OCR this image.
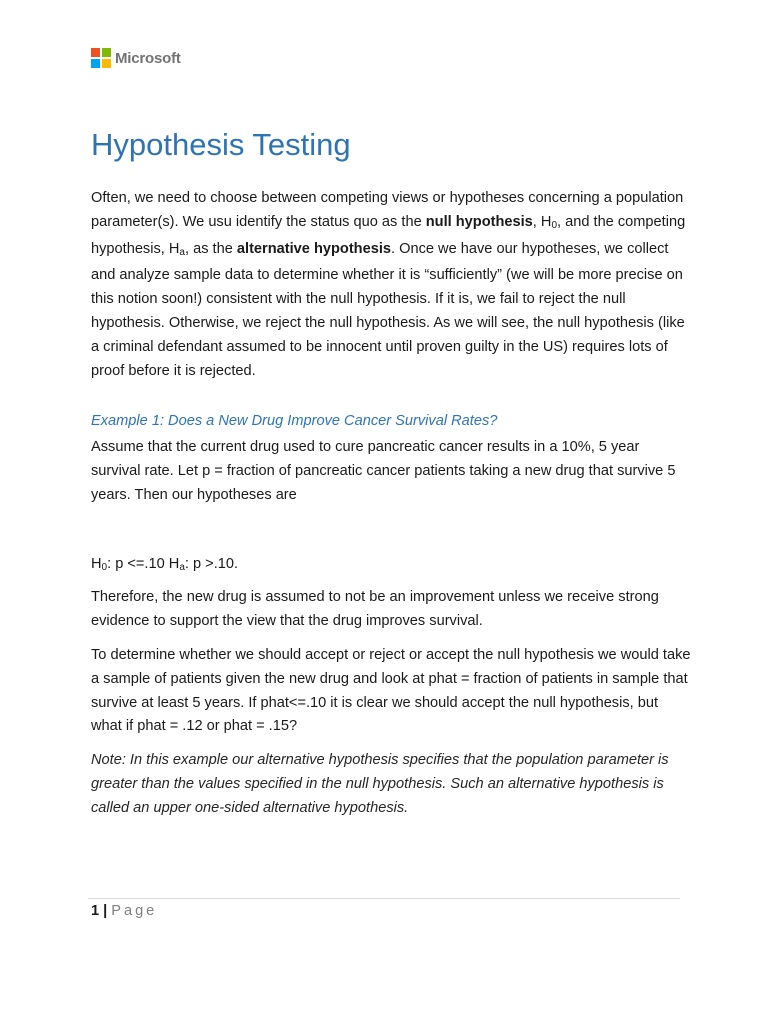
Microsoft
Hypothesis Testing

Often, we need to choose between competing views or hypotheses concerning a population parameter(s). We usu identify the status quo as the null hypothesis, $H_0$, and the competing hypothesis, $H_a$, as the alternative hypothesis. Once we have our hypotheses, we collect and analyze sample data to determine whether it is “sufficiently” (we will be more precise on this notion soon!) consistent with the null hypothesis. If it is, we fail to reject the null hypothesis. Otherwise, we reject the null hypothesis. As we will see, the null hypothesis (like a criminal defendant assumed to be innocent until proven guilty in the US) requires lots of proof before it is rejected.

Example 1: Does a New Drug Improve Cancer Survival Rates?

Assume that the current drug used to cure pancreatic cancer results in a 10%, 5 year survival rate. Let p = fraction of pancreatic cancer patients taking a new drug that survive 5 years. Then our hypotheses are

$H_0$: p <=.10 $H_a$: p >.10.

Therefore, the new drug is assumed to not be an improvement unless we receive strong evidence to support the view that the drug improves survival.

To determine whether we should accept or reject or accept the null hypothesis we would take a sample of patients given the new drug and look at phat = fraction of patients in sample that survive at least 5 years. If phat<=.10 it is clear we should accept the null hypothesis, but what if phat = .12 or phat = .15?

Note: In this example our alternative hypothesis specifies that the population parameter is greater than the values specified in the null hypothesis. Such an alternative hypothesis is called an upper one-sided alternative hypothesis.

1 | Page
